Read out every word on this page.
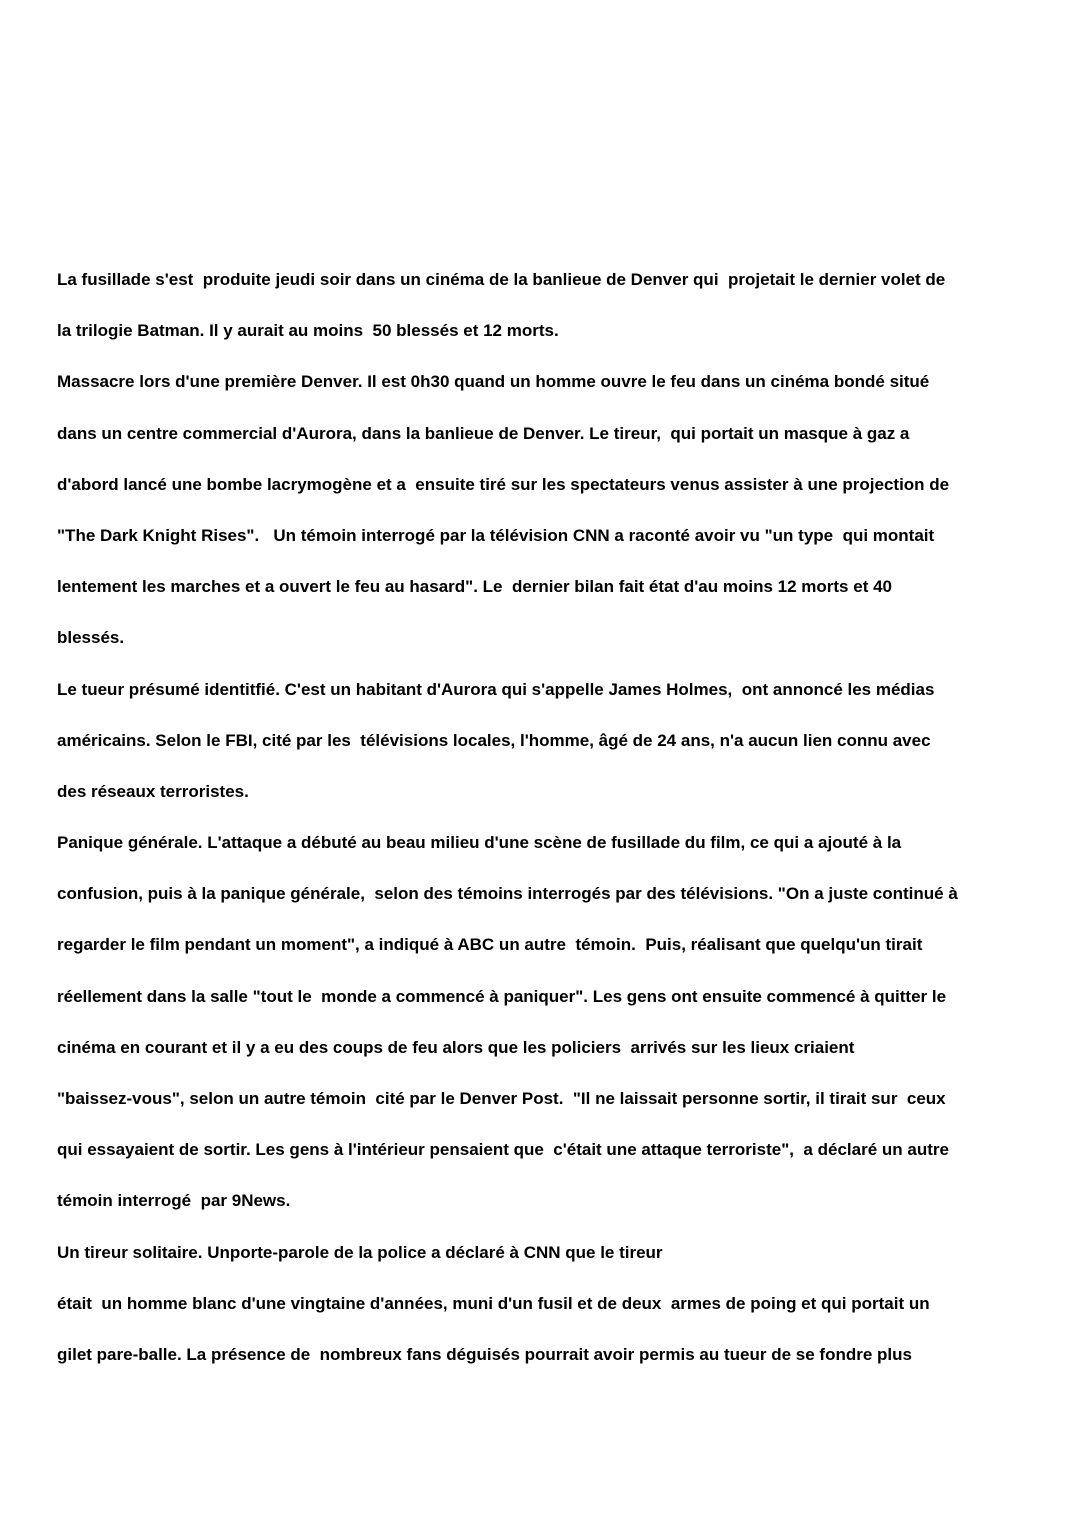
La fusillade s'est  produite jeudi soir dans un cinéma de la banlieue de Denver qui  projetait le dernier volet de
la trilogie Batman. Il y aurait au moins  50 blessés et 12 morts.
Massacre lors d'une première Denver. Il est 0h30 quand un homme ouvre le feu dans un cinéma bondé situé
dans un centre commercial d'Aurora, dans la banlieue de Denver. Le tireur,  qui portait un masque à gaz a
d'abord lancé une bombe lacrymogène et a  ensuite tiré sur les spectateurs venus assister à une projection de
"The Dark Knight Rises".   Un témoin interrogé par la télévision CNN a raconté avoir vu "un type  qui montait
lentement les marches et a ouvert le feu au hasard". Le  dernier bilan fait état d'au moins 12 morts et 40
blessés.
Le tueur présumé identitfié. C'est un habitant d'Aurora qui s'appelle James Holmes,  ont annoncé les médias
américains. Selon le FBI, cité par les  télévisions locales, l'homme, âgé de 24 ans, n'a aucun lien connu avec
des réseaux terroristes.
Panique générale. L'attaque a débuté au beau milieu d'une scène de fusillade du film, ce qui a ajouté à la
confusion, puis à la panique générale,  selon des témoins interrogés par des télévisions. "On a juste continué à
regarder le film pendant un moment", a indiqué à ABC un autre  témoin.  Puis, réalisant que quelqu'un tirait
réellement dans la salle "tout le  monde a commencé à paniquer". Les gens ont ensuite commencé à quitter le
cinéma en courant et il y a eu des coups de feu alors que les policiers  arrivés sur les lieux criaient
"baissez-vous", selon un autre témoin  cité par le Denver Post.  "Il ne laissait personne sortir, il tirait sur  ceux
qui essayaient de sortir. Les gens à l'intérieur pensaient que  c'était une attaque terroriste",  a déclaré un autre
témoin interrogé  par 9News.
Un tireur solitaire. Unporte-parole de la police a déclaré à CNN que le tireur
était  un homme blanc d'une vingtaine d'années, muni d'un fusil et de deux  armes de poing et qui portait un
gilet pare-balle. La présence de  nombreux fans déguisés pourrait avoir permis au tueur de se fondre plus
